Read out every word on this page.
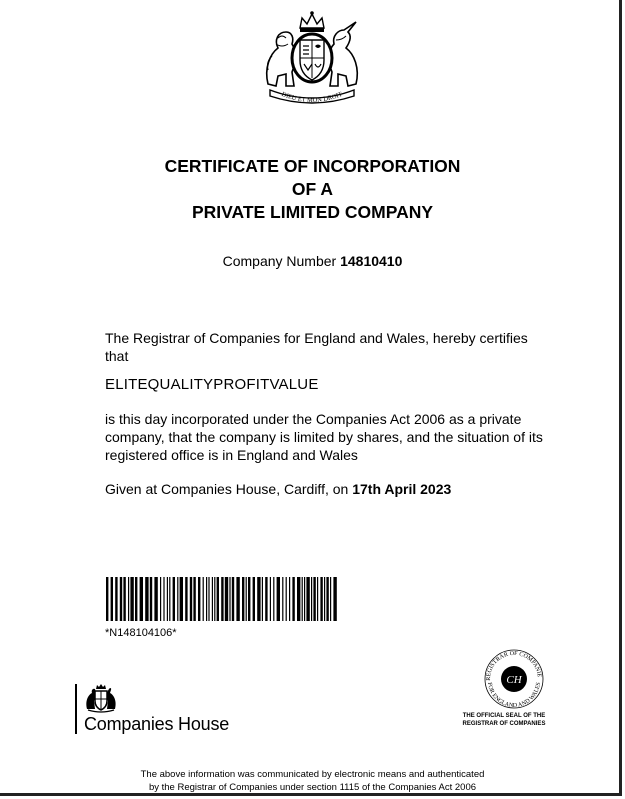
DIEU ET MON DROIT
CERTIFICATE OF INCORPORATION
OF A
PRIVATE LIMITED COMPANY
Company Number 14810410
The Registrar of Companies for England and Wales, hereby certifies
that
ELITEQUALITYPROFITVALUE
is this day incorporated under the Companies Act 2006 as a private
company, that the company is limited by shares, and the situation of its
registered office is in England and Wales
Given at Companies House, Cardiff, on 17th April 2023
*N148104106*
REGISTRAR OF COMPANIE
FOR ENGLAND AND WALES
CH
THE OFFICIAL SEAL OF THE
REGISTRAR OF COMPANIES
Companies House
The above information was communicated by electronic means and authenticated
by the Registrar of Companies under section 1115 of the Companies Act 2006
